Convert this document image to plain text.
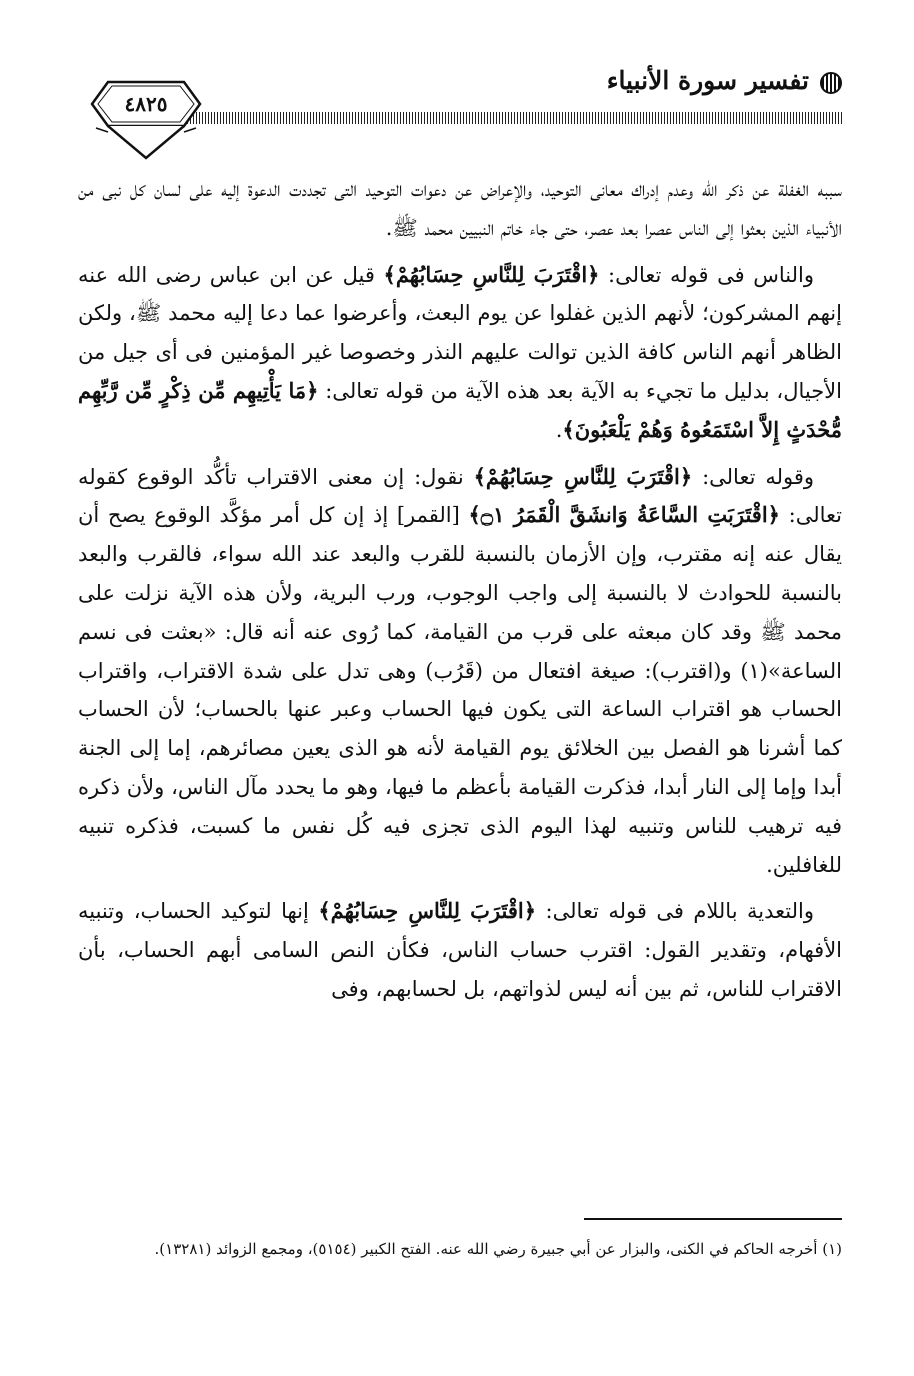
تفسير سورة الأنبياء
٤٨٢٥

سببه الغفلة عن ذكر الله وعدم إدراك معانى التوحيد، والإعراض عن دعوات التوحيد التى تجددت الدعوة إليه على لسان كل نبى من الأنبياء الذين بعثوا إلى الناس عصرا بعد عصر، حتى جاء خاتم النبيين محمد ﷺ.

والناس فى قوله تعالى: ﴿اقْتَرَبَ لِلنَّاسِ حِسَابُهُمْ﴾ قيل عن ابن عباس رضى الله عنه إنهم المشركون؛ لأنهم الذين غفلوا عن يوم البعث، وأعرضوا عما دعا إليه محمد ﷺ، ولكن الظاهر أنهم الناس كافة الذين توالت عليهم النذر وخصوصا غير المؤمنين فى أى جيل من الأجيال، بدليل ما تجيء به الآية بعد هذه الآية من قوله تعالى: ﴿مَا يَأْتِيهِم مِّن ذِكْرٍ مِّن رَّبِّهِم مُّحْدَثٍ إِلاَّ اسْتَمَعُوهُ وَهُمْ يَلْعَبُونَ﴾.

وقوله تعالى: ﴿اقْتَرَبَ لِلنَّاسِ حِسَابُهُمْ﴾ نقول: إن معنى الاقتراب تأكُّد الوقوع كقوله تعالى: ﴿اقْتَرَبَتِ السَّاعَةُ وَانشَقَّ الْقَمَرُ ۝١﴾ [القمر] إذ إن كل أمر مؤكَّد الوقوع يصح أن يقال عنه إنه مقترب، وإن الأزمان بالنسبة للقرب والبعد عند الله سواء، فالقرب والبعد بالنسبة للحوادث لا بالنسبة إلى واجب الوجوب، ورب البرية، ولأن هذه الآية نزلت على محمد ﷺ وقد كان مبعثه على قرب من القيامة، كما رُوى عنه أنه قال: «بعثت فى نسم الساعة»(١) و(اقترب): صيغة افتعال من (قَرُب) وهى تدل على شدة الاقتراب، واقتراب الحساب هو اقتراب الساعة التى يكون فيها الحساب وعبر عنها بالحساب؛ لأن الحساب كما أشرنا هو الفصل بين الخلائق يوم القيامة لأنه هو الذى يعين مصائرهم، إما إلى الجنة أبدا وإما إلى النار أبدا، فذكرت القيامة بأعظم ما فيها، وهو ما يحدد مآل الناس، ولأن ذكره فيه ترهيب للناس وتنبيه لهذا اليوم الذى تجزى فيه كُل نفس ما كسبت، فذكره تنبيه للغافلين.

والتعدية باللام فى قوله تعالى: ﴿اقْتَرَبَ لِلنَّاسِ حِسَابُهُمْ﴾ إنها لتوكيد الحساب، وتنبيه الأفهام، وتقدير القول: اقترب حساب الناس، فكأن النص السامى أبهم الحساب، بأن الاقتراب للناس، ثم بين أنه ليس لذواتهم، بل لحسابهم، وفى

(١) أخرجه الحاكم في الكنى، والبزار عن أبي جبيرة رضي الله عنه. الفتح الكبير (٥١٥٤)، ومجمع الزوائد (١٣٢٨١).
